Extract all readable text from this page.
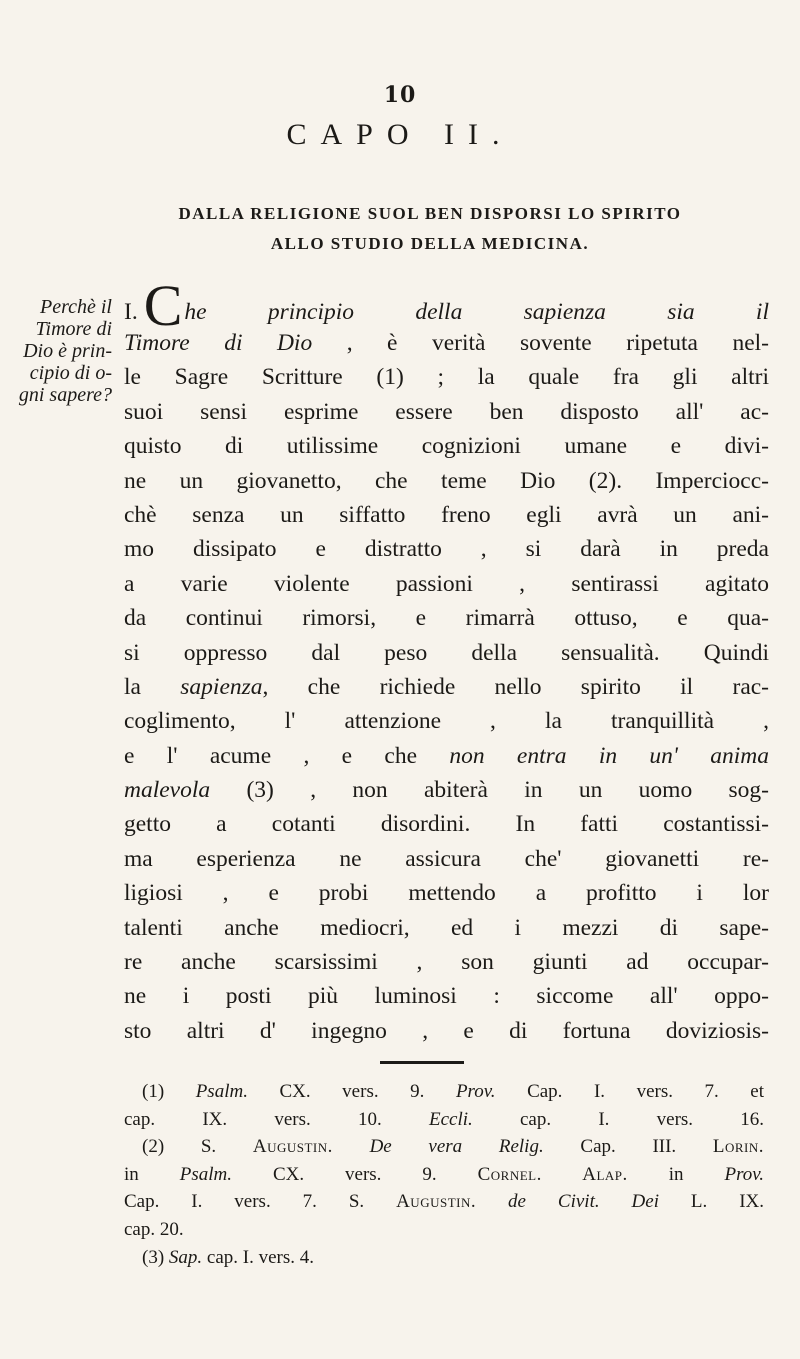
10
CAPO II.
DALLA RELIGIONE SUOL BEN DISPORSI LO SPIRITO
ALLO STUDIO DELLA MEDICINA.
Perchè il
Timore di
Dio è prin-
cipio di o-
gni sapere?
I. Che principio della sapienza sia il
Timore di Dio , è verità sovente ripetuta nel-
le Sagre Scritture (1) ; la quale fra gli altri
suoi sensi esprime essere ben disposto all' ac-
quisto di utilissime cognizioni umane e divi-
ne un giovanetto, che teme Dio (2). Imperciocc-
chè senza un siffatto freno egli avrà un ani-
mo dissipato e distratto , si darà in preda
a varie violente passioni , sentirassi agitato
da continui rimorsi, e rimarrà ottuso, e qua-
si oppresso dal peso della sensualità. Quindi
la sapienza, che richiede nello spirito il rac-
coglimento, l' attenzione , la tranquillità ,
e l' acume , e che non entra in un' anima
malevola (3) , non abiterà in un uomo sog-
getto a cotanti disordini. In fatti costantissi-
ma esperienza ne assicura che' giovanetti re-
ligiosi , e probi mettendo a profitto i lor
talenti anche mediocri, ed i mezzi di sape-
re anche scarsissimi , son giunti ad occupar-
ne i posti più luminosi : siccome all' oppo-
sto altri d' ingegno , e di fortuna doviziosis-
(1) Psalm. CX. vers. 9. Prov. Cap. I. vers. 7. et
cap. IX. vers. 10. Eccli. cap. I. vers. 16.
(2) S. Augustin. De vera Relig. Cap. III. Lorin.
in Psalm. CX. vers. 9. Cornel. Alap. in Prov.
Cap. I. vers. 7. S. Augustin. de Civit. Dei L. IX.
cap. 20.
(3) Sap. cap. I. vers. 4.
